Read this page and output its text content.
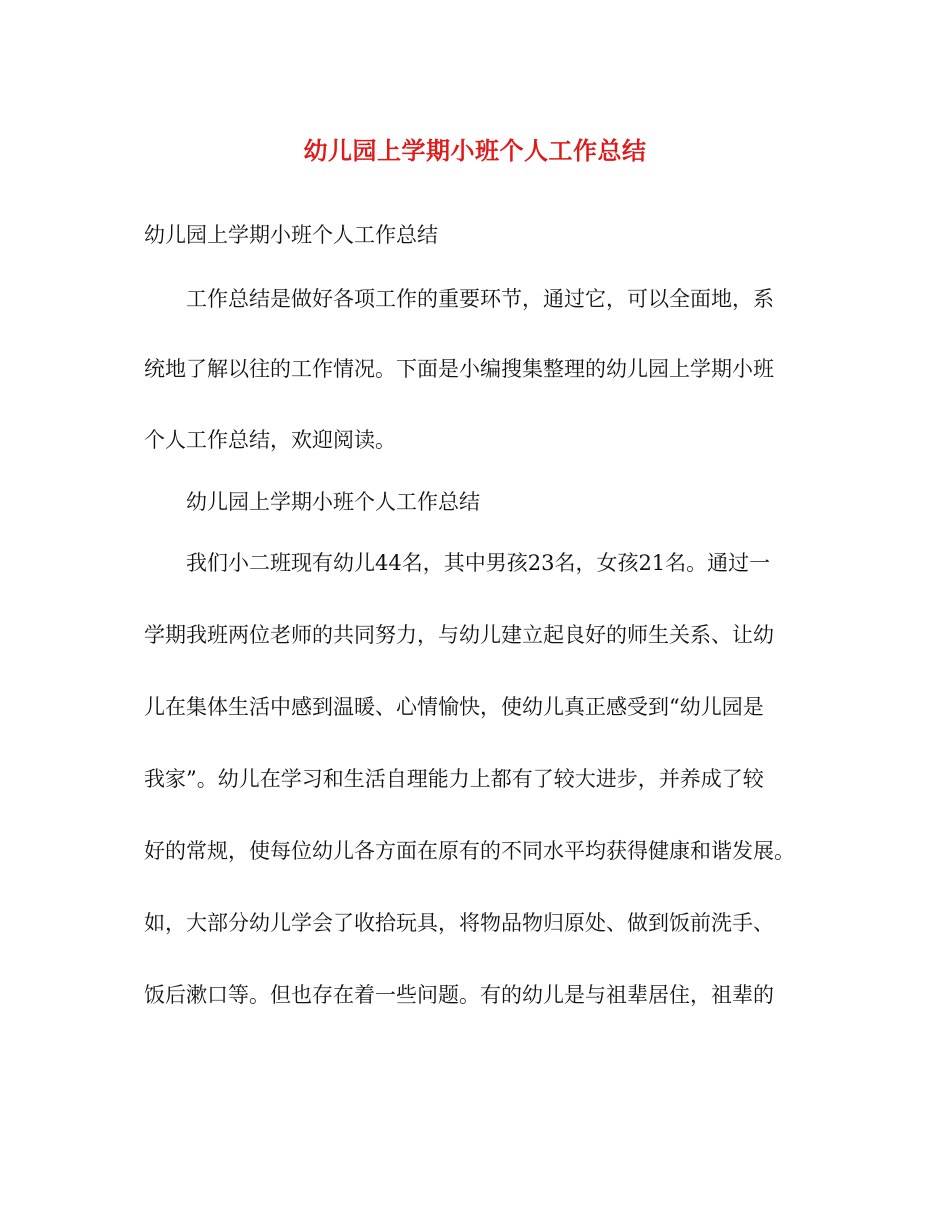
幼儿园上学期小班个人工作总结
幼儿园上学期小班个人工作总结
工作总结是做好各项工作的重要环节，通过它，可以全面地，系
统地了解以往的工作情况。下面是小编搜集整理的幼儿园上学期小班
个人工作总结，欢迎阅读。
幼儿园上学期小班个人工作总结
我们小二班现有幼儿44名，其中男孩23名，女孩21名。通过一
学期我班两位老师的共同努力，与幼儿建立起良好的师生关系、让幼
儿在集体生活中感到温暖、心情愉快，使幼儿真正感受到“幼儿园是
我家”。幼儿在学习和生活自理能力上都有了较大进步，并养成了较
好的常规，使每位幼儿各方面在原有的不同水平均获得健康和谐发展。
如，大部分幼儿学会了收拾玩具，将物品物归原处、做到饭前洗手、
饭后漱口等。但也存在着一些问题。有的幼儿是与祖辈居住，祖辈的
